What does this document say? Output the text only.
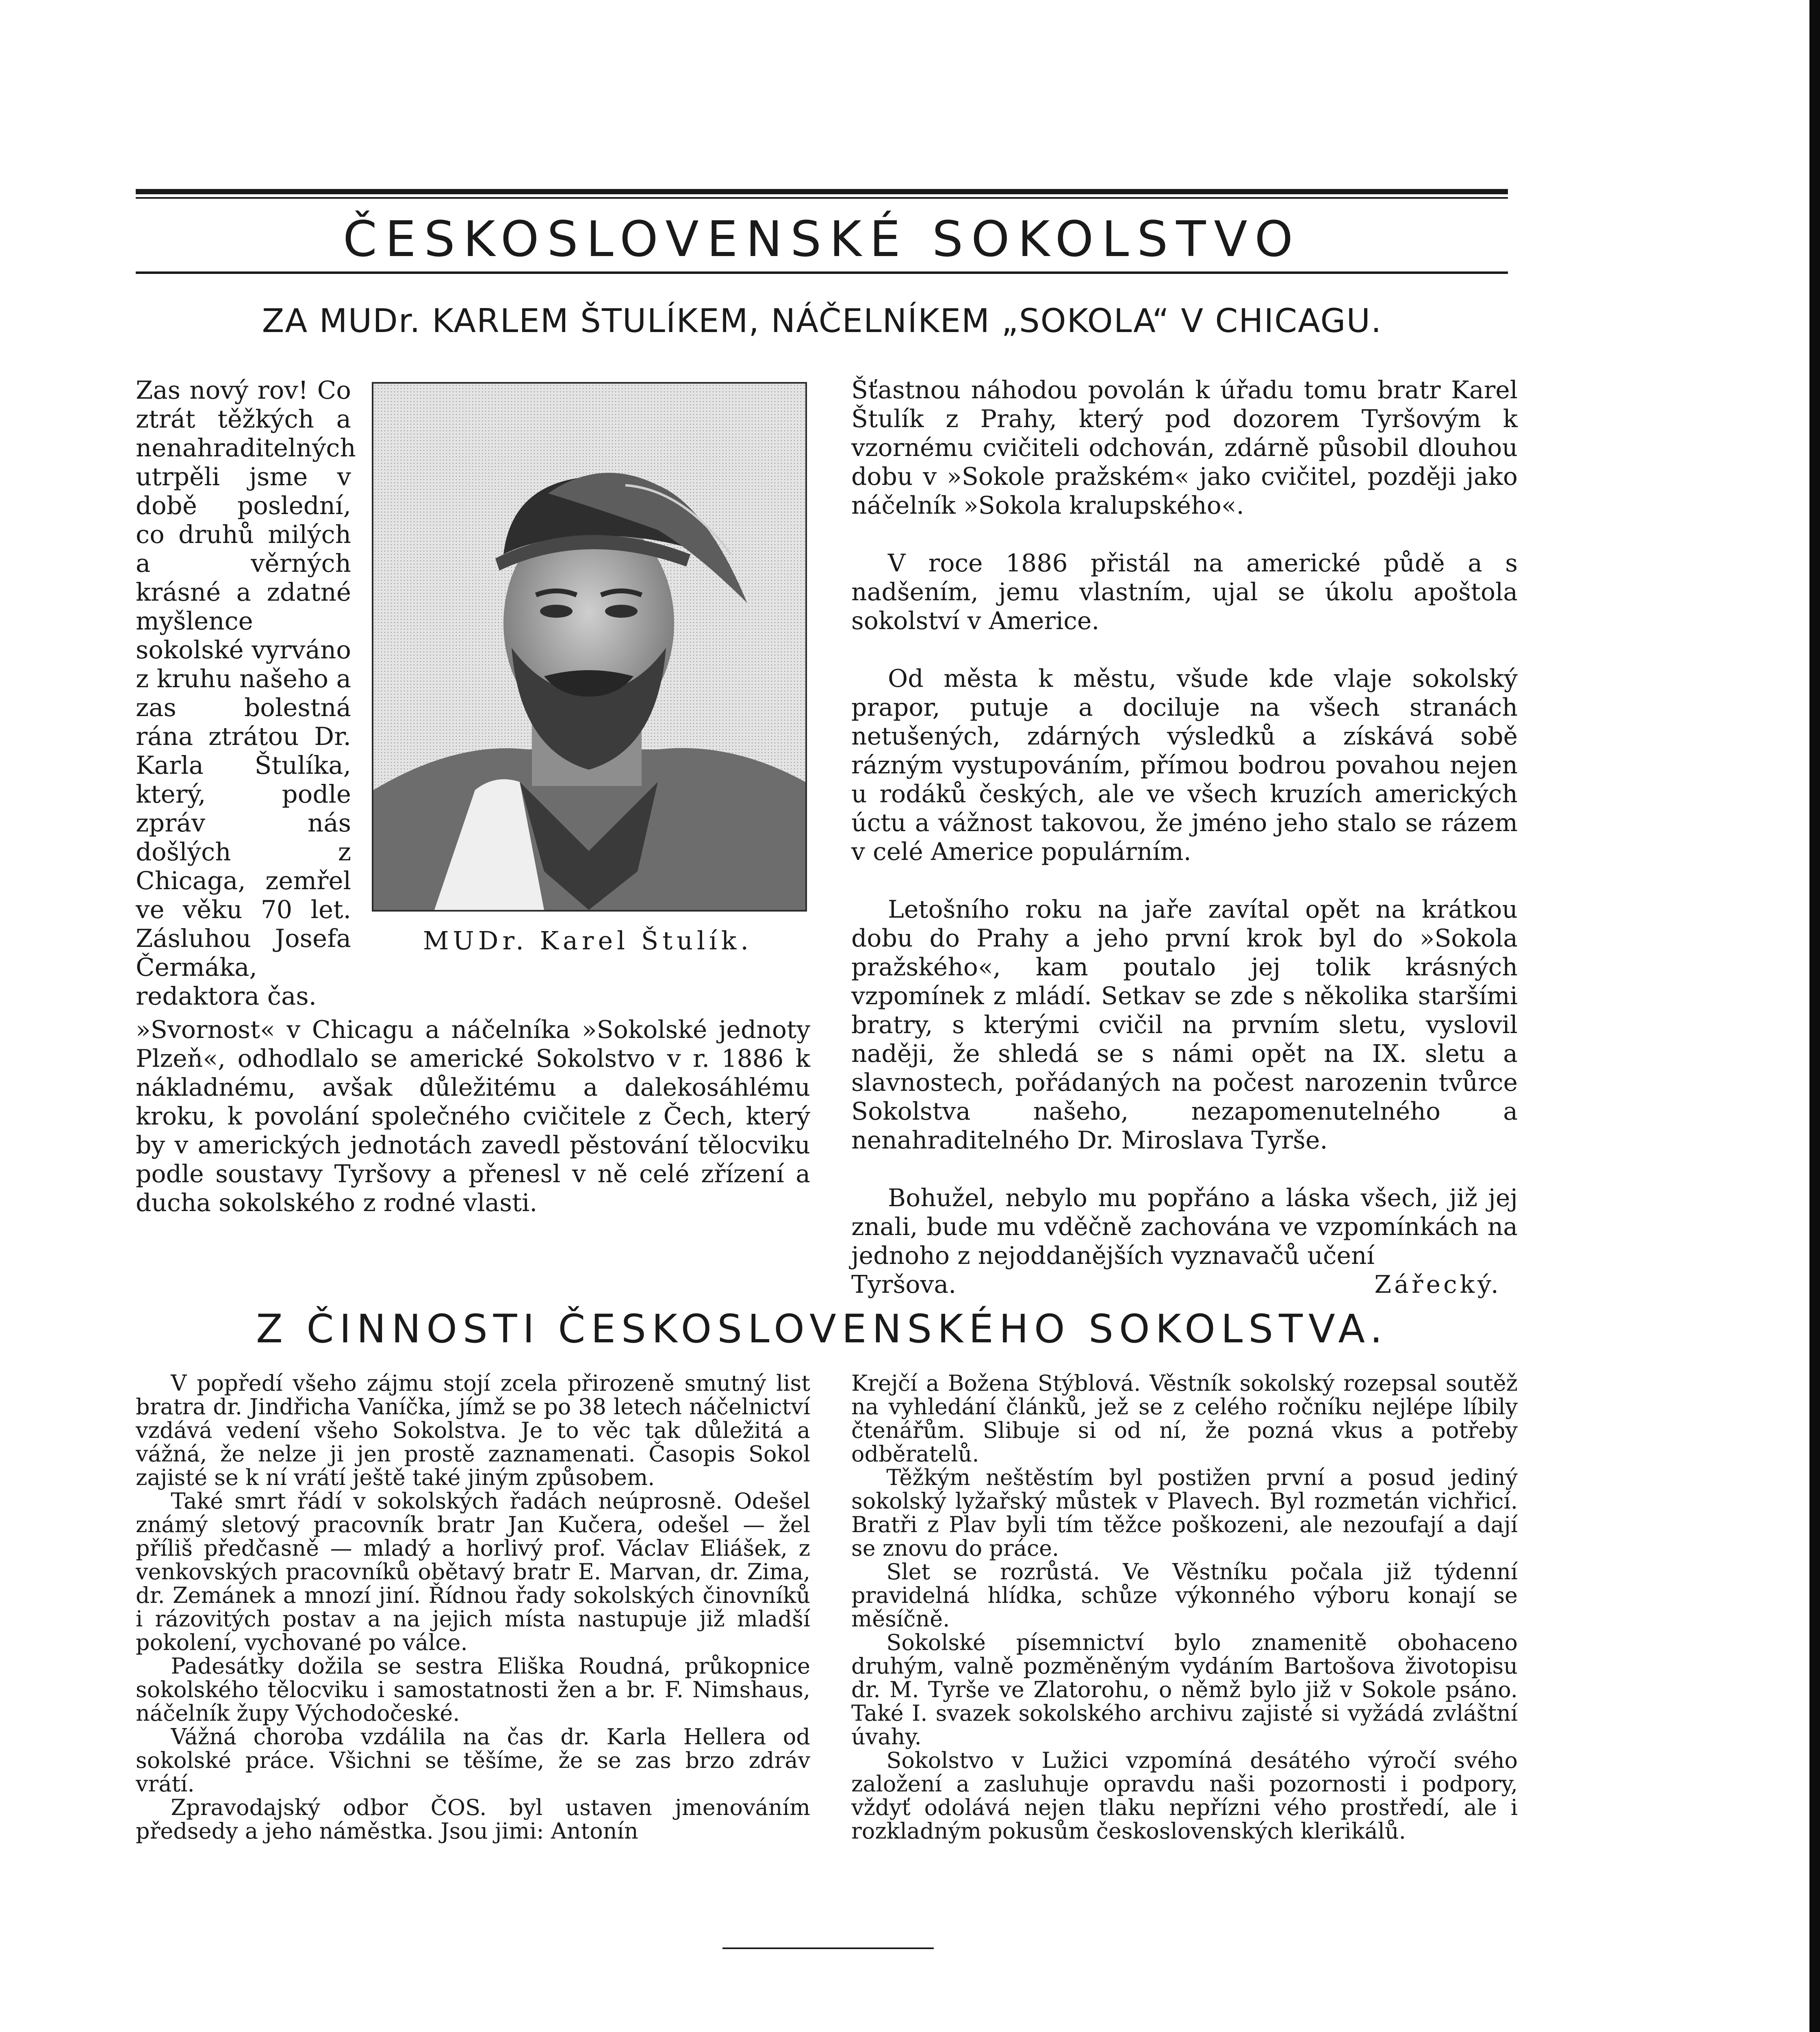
ČESKOSLOVENSKÉ SOKOLSTVO
ZA MUDr. KARLEM ŠTULÍKEM, NÁČELNÍKEM „SOKOLA“ V CHICAGU.
Zas nový rov! Co ztrát těžkých a nenahraditelných utrpěli jsme v době poslední, co druhů milých a věrných krásné a zdatné myšlence sokolské vyrváno z kruhu našeho a zas bolestná rána ztrátou Dr. Karla Štulíka, který, podle zpráv nás došlých z Chicaga, zemřel ve věku 70 let. Zásluhou Josefa Čermáka, redaktora čas.
MUDr. Karel Štulík.
»Svornost« v Chicagu a náčelníka »Sokolské jednoty Plzeň«, odhodlalo se americké Sokolstvo v r. 1886 k nákladnému, avšak důležitému a dalekosáhlému kroku, k povolání společného cvičitele z Čech, který by v amerických jednotách zavedl pěstování tělocviku podle soustavy Tyršovy a přenesl v ně celé zřízení a ducha sokolského z rodné vlasti.

Šťastnou náhodou povolán k úřadu tomu bratr Karel Štulík z Prahy, který pod dozorem Tyršovým k vzornému cvičiteli odchován, zdárně působil dlouhou dobu v »Sokole pražském« jako cvičitel, později jako náčelník »Sokola kralupského«.

V roce 1886 přistál na americké půdě a s nadšením, jemu vlastním, ujal se úkolu apoštola sokolství v Americe.

Od města k městu, všude kde vlaje sokolský prapor, putuje a dociluje na všech stranách netušených, zdárných výsledků a získává sobě rázným vystupováním, přímou bodrou povahou nejen u rodáků českých, ale ve všech kruzích amerických úctu a vážnost takovou, že jméno jeho stalo se rázem v celé Americe populárním.

Letošního roku na jaře zavítal opět na krátkou dobu do Prahy a jeho první krok byl do »Sokola pražského«, kam poutalo jej tolik krásných vzpomínek z mládí. Setkav se zde s několika staršími bratry, s kterými cvičil na prvním sletu, vyslovil naději, že shledá se s námi opět na IX. sletu a slavnostech, pořádaných na počest narozenin tvůrce Sokolstva našeho, nezapomenutelného a nenahraditelného Dr. Miroslava Tyrše.

Bohužel, nebylo mu popřáno a láska všech, již jej znali, bude mu vděčně zachována ve vzpomínkách na jednoho z nejoddanějších vyznavačů učení

Tyršova.	Zářecký.
Z ČINNOSTI ČESKOSLOVENSKÉHO SOKOLSTVA.

V popředí všeho zájmu stojí zcela přirozeně smutný list bratra dr. Jindřicha Vaníčka, jímž se po 38 letech náčelnictví vzdává vedení všeho Sokolstva. Je to věc tak důležitá a vážná, že nelze ji jen prostě zaznamenati. Časopis Sokol zajisté se k ní vrátí ještě také jiným způsobem.

Také smrt řádí v sokolských řadách neúprosně. Odešel známý sletový pracovník bratr Jan Kučera, odešel — žel příliš předčasně — mladý a horlivý prof. Václav Eliášek, z venkovských pracovníků obětavý bratr E. Marvan, dr. Zima, dr. Zemánek a mnozí jiní. Řídnou řady sokolských činovníků i rázovitých postav a na jejich místa nastupuje již mladší pokolení, vychované po válce.

Padesátky dožila se sestra Eliška Roudná, průkopnice sokolského tělocviku i samostatnosti žen a br. F. Nimshaus, náčelník župy Východočeské.

Vážná choroba vzdálila na čas dr. Karla Hellera od sokolské práce. Všichni se těšíme, že se zas brzo zdráv vrátí.

Zpravodajský odbor ČOS. byl ustaven jmenováním předsedy a jeho náměstka. Jsou jimi: Antonín

Krejčí a Božena Stýblová. Věstník sokolský rozepsal soutěž na vyhledání článků, jež se z celého ročníku nejlépe líbily čtenářům. Slibuje si od ní, že pozná vkus a potřeby odběratelů.

Těžkým neštěstím byl postižen první a posud jediný sokolský lyžařský můstek v Plavech. Byl rozmetán vichřicí. Bratři z Plav byli tím těžce poškozeni, ale nezoufají a dají se znovu do práce.

Slet se rozrůstá. Ve Věstníku počala již týdenní pravidelná hlídka, schůze výkonného výboru konají se měsíčně.

Sokolské písemnictví bylo znamenitě obohaceno druhým, valně pozměněným vydáním Bartošova životopisu dr. M. Tyrše ve Zlatorohu, o němž bylo již v Sokole psáno. Také I. svazek sokolského archivu zajisté si vyžádá zvláštní úvahy.

Sokolstvo v Lužici vzpomíná desátého výročí svého založení a zasluhuje opravdu naši pozornosti i podpory, vždyť odolává nejen tlaku nepřízni vého prostředí, ale i rozkladným pokusům československých klerikálů.
